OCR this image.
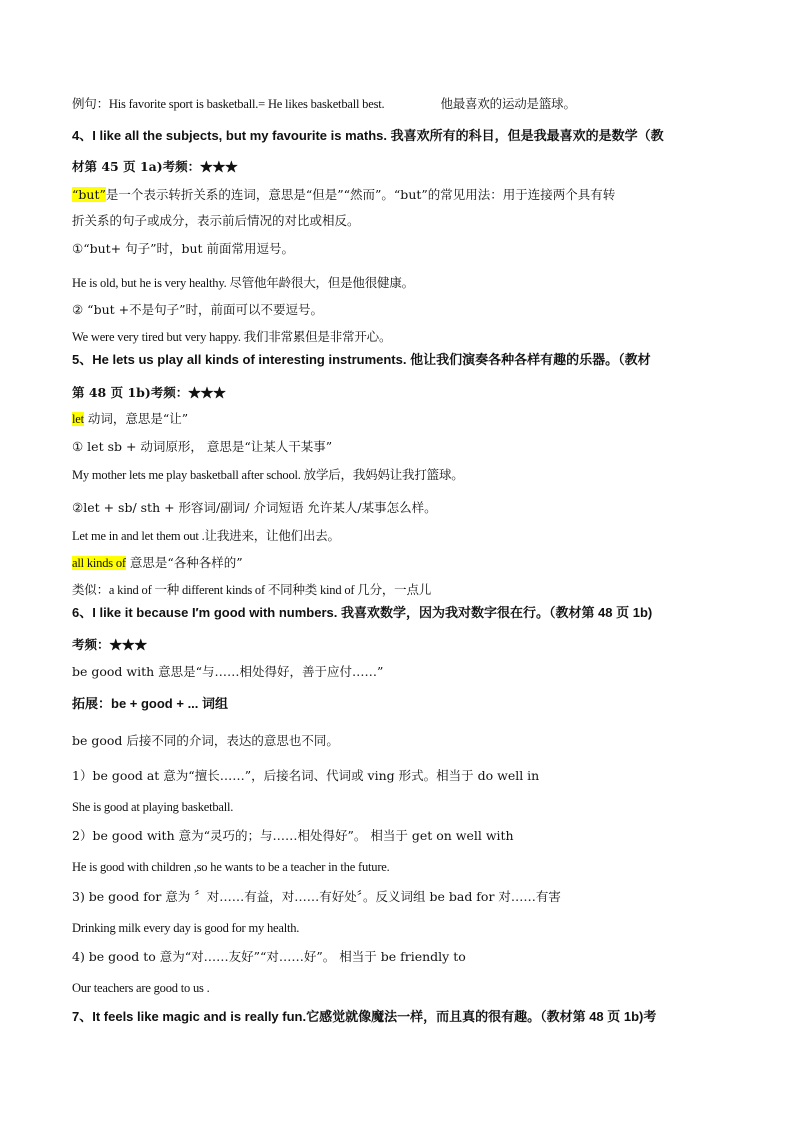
例句：His favorite sport is basketball.= He likes basketball best.	他最喜欢的运动是篮球。
4、I like all the subjects, but my favourite is maths. 我喜欢所有的科目，但是我最喜欢的是数学（教
材第 45 页 1a)考频：★★★
“but”是一个表示转折关系的连词，意思是“但是”“然而”。“but”的常见用法：用于连接两个具有转
折关系的句子或成分，表示前后情况的对比或相反。
①“but+ 句子”时，but 前面常用逗号。
He is old, but he is very healthy. 尽管他年龄很大，但是他很健康。
② “but +不是句子”时，前面可以不要逗号。
We were very tired but very happy. 我们非常累但是非常开心。
5、He lets us play all kinds of interesting instruments. 他让我们演奏各种各样有趣的乐器。（教材
第 48 页 1b)考频：★★★
let 动词，意思是“让”
① let sb + 动词原形， 意思是“让某人干某事”
My mother lets me play basketball after school. 放学后，我妈妈让我打篮球。
②let + sb/ sth + 形容词/副词/ 介词短语 允许某人/某事怎么样。
Let me in and let them out .让我进来，让他们出去。
all kinds of 意思是“各种各样的”
类似：a kind of 一种 different kinds of 不同种类 kind of 几分，一点儿
6、I like it because I′m good with numbers. 我喜欢数学，因为我对数字很在行。（教材第 48 页 1b)
考频：★★★
be good with 意思是“与……相处得好，善于应付……”
拓展：be + good + ... 词组
be good 后接不同的介词，表达的意思也不同。
1）be good at 意为“擅长……”，后接名词、代词或 ving 形式。相当于 do well in
She is good at playing basketball.
2）be good with 意为“灵巧的；与……相处得好”。 相当于 get on well with
He is good with children ,so he wants to be a teacher in the future.
3) be good for 意为 〞对……有益，对……有好处〞。反义词组 be bad for 对……有害
Drinking milk every day is good for my health.
4) be good to 意为“对……友好”“对……好”。 相当于 be friendly to
Our teachers are good to us .
7、It feels like magic and is really fun.它感觉就像魔法一样，而且真的很有趣。（教材第 48 页 1b)考
